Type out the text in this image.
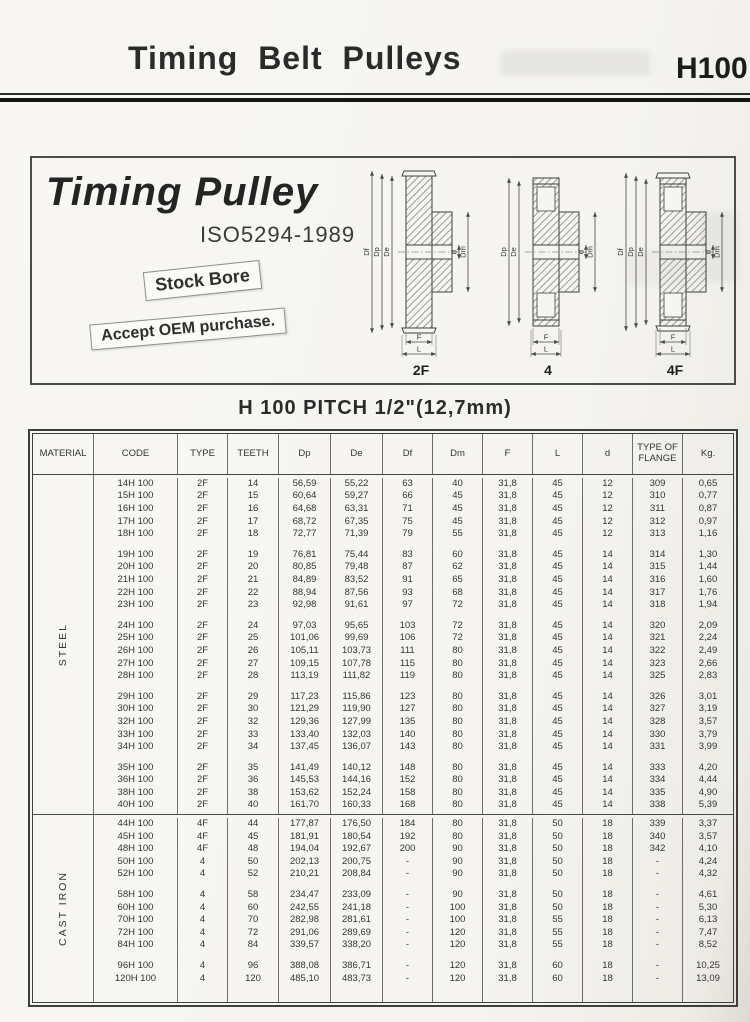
Timing Belt Pulleys	H100
Timing Pulley
ISO5294-1989
Stock Bore
Accept OEM purchase.
Df Dp De	d Dm
F
L
2F
Dp De	d Dm
F
L
4
Df Dp De	d Dm
F
L
4F
H 100 PITCH 1/2"(12,7mm)
MATERIAL	CODE	TYPE	TEETH	Dp	De	Df	Dm	F	L	d	TYPE OF FLANGE	Kg.
STEEL
14H 100	2F	14	56,59	55,22	63	40	31,8	45	12	309	0,65
15H 100	2F	15	60,64	59,27	66	45	31,8	45	12	310	0,77
16H 100	2F	16	64,68	63,31	71	45	31,8	45	12	311	0,87
17H 100	2F	17	68,72	67,35	75	45	31,8	45	12	312	0,97
18H 100	2F	18	72,77	71,39	79	55	31,8	45	12	313	1,16
19H 100	2F	19	76,81	75,44	83	60	31,8	45	14	314	1,30
20H 100	2F	20	80,85	79,48	87	62	31,8	45	14	315	1,44
21H 100	2F	21	84,89	83,52	91	65	31,8	45	14	316	1,60
22H 100	2F	22	88,94	87,56	93	68	31,8	45	14	317	1,76
23H 100	2F	23	92,98	91,61	97	72	31,8	45	14	318	1,94
24H 100	2F	24	97,03	95,65	103	72	31,8	45	14	320	2,09
25H 100	2F	25	101,06	99,69	106	72	31,8	45	14	321	2,24
26H 100	2F	26	105,11	103,73	111	80	31,8	45	14	322	2,49
27H 100	2F	27	109,15	107,78	115	80	31,8	45	14	323	2,66
28H 100	2F	28	113,19	111,82	119	80	31,8	45	14	325	2,83
29H 100	2F	29	117,23	115,86	123	80	31,8	45	14	326	3,01
30H 100	2F	30	121,29	119,90	127	80	31,8	45	14	327	3,19
32H 100	2F	32	129,36	127,99	135	80	31,8	45	14	328	3,57
33H 100	2F	33	133,40	132,03	140	80	31,8	45	14	330	3,79
34H 100	2F	34	137,45	136,07	143	80	31,8	45	14	331	3,99
35H 100	2F	35	141,49	140,12	148	80	31,8	45	14	333	4,20
36H 100	2F	36	145,53	144,16	152	80	31,8	45	14	334	4,44
38H 100	2F	38	153,62	152,24	158	80	31,8	45	14	335	4,90
40H 100	2F	40	161,70	160,33	168	80	31,8	45	14	338	5,39
CAST IRON
44H 100	4F	44	177,87	176,50	184	80	31,8	50	18	339	3,37
45H 100	4F	45	181,91	180,54	192	80	31,8	50	18	340	3,57
48H 100	4F	48	194,04	192,67	200	90	31,8	50	18	342	4,10
50H 100	4	50	202,13	200,75	-	90	31,8	50	18	-	4,24
52H 100	4	52	210,21	208,84	-	90	31,8	50	18	-	4,32
58H 100	4	58	234,47	233,09	-	90	31,8	50	18	-	4,61
60H 100	4	60	242,55	241,18	-	100	31,8	50	18	-	5,30
70H 100	4	70	282,98	281,61	-	100	31,8	55	18	-	6,13
72H 100	4	72	291,06	289,69	-	120	31,8	55	18	-	7,47
84H 100	4	84	339,57	338,20	-	120	31,8	55	18	-	8,52
96H 100	4	96	388,08	386,71	-	120	31,8	60	18	-	10,25
120H 100	4	120	485,10	483,73	-	120	31,8	60	18	-	13,09
